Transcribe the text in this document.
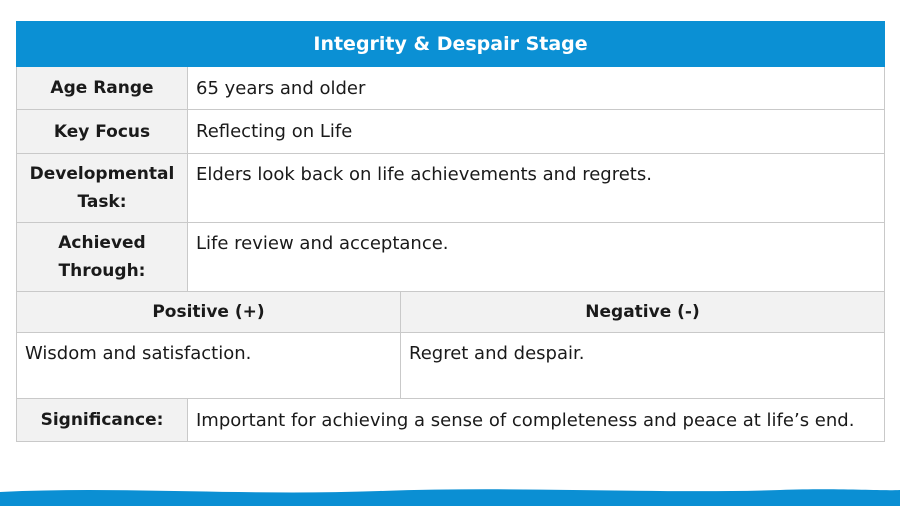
Integrity & Despair Stage		
Age Range	65 years and older	

Key Focus	Reflecting on Life	

Developmental Task:	Elders look back on life achievements and regrets.	

Achieved Through:	Life review and acceptance.	

Positive (+)		Negative (-)

Wisdom and satisfaction.		Regret and despair.

Significance:	Important for achieving a sense of completeness and peace at life’s end.	
